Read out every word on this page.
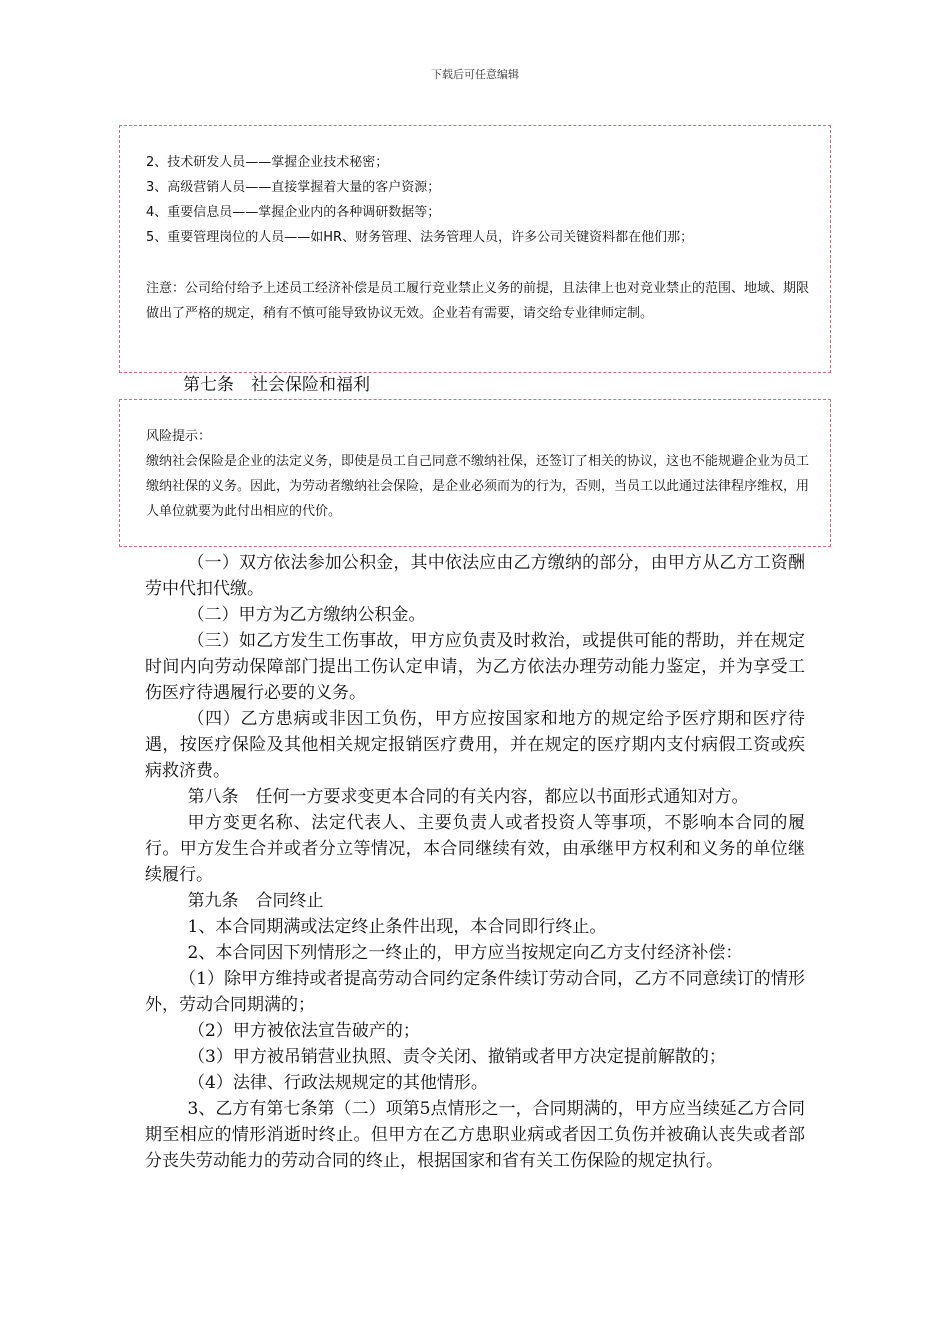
下载后可任意编辑

2、技术研发人员——掌握企业技术秘密；

3、高级营销人员——直接掌握着大量的客户资源；

4、重要信息员——掌握企业内的各种调研数据等；

5、重要管理岗位的人员——如HR、财务管理、法务管理人员，许多公司关键资料都在他们那；

注意：公司给付给予上述员工经济补偿是员工履行竞业禁止义务的前提，且法律上也对竞业禁止的范围、地域、期限做出了严格的规定，稍有不慎可能导致协议无效。企业若有需要，请交给专业律师定制。

第七条　社会保险和福利

风险提示：

缴纳社会保险是企业的法定义务，即使是员工自己同意不缴纳社保，还签订了相关的协议，这也不能规避企业为员工缴纳社保的义务。因此，为劳动者缴纳社会保险，是企业必须而为的行为，否则，当员工以此通过法律程序维权，用人单位就要为此付出相应的代价。

（一）双方依法参加公积金，其中依法应由乙方缴纳的部分，由甲方从乙方工资酬劳中代扣代缴。

（二）甲方为乙方缴纳公积金。

（三）如乙方发生工伤事故，甲方应负责及时救治，或提供可能的帮助，并在规定时间内向劳动保障部门提出工伤认定申请，为乙方依法办理劳动能力鉴定，并为享受工伤医疗待遇履行必要的义务。

（四）乙方患病或非因工负伤，甲方应按国家和地方的规定给予医疗期和医疗待遇，按医疗保险及其他相关规定报销医疗费用，并在规定的医疗期内支付病假工资或疾病救济费。

第八条　任何一方要求变更本合同的有关内容，都应以书面形式通知对方。

甲方变更名称、法定代表人、主要负责人或者投资人等事项，不影响本合同的履行。甲方发生合并或者分立等情况，本合同继续有效，由承继甲方权利和义务的单位继续履行。

第九条　合同终止

1、本合同期满或法定终止条件出现，本合同即行终止。

2、本合同因下列情形之一终止的，甲方应当按规定向乙方支付经济补偿：

（1）除甲方维持或者提高劳动合同约定条件续订劳动合同，乙方不同意续订的情形外，劳动合同期满的；

（2）甲方被依法宣告破产的；

（3）甲方被吊销营业执照、责令关闭、撤销或者甲方决定提前解散的；

（4）法律、行政法规规定的其他情形。

3、乙方有第七条第（二）项第5点情形之一，合同期满的，甲方应当续延乙方合同期至相应的情形消逝时终止。但甲方在乙方患职业病或者因工负伤并被确认丧失或者部分丧失劳动能力的劳动合同的终止，根据国家和省有关工伤保险的规定执行。
